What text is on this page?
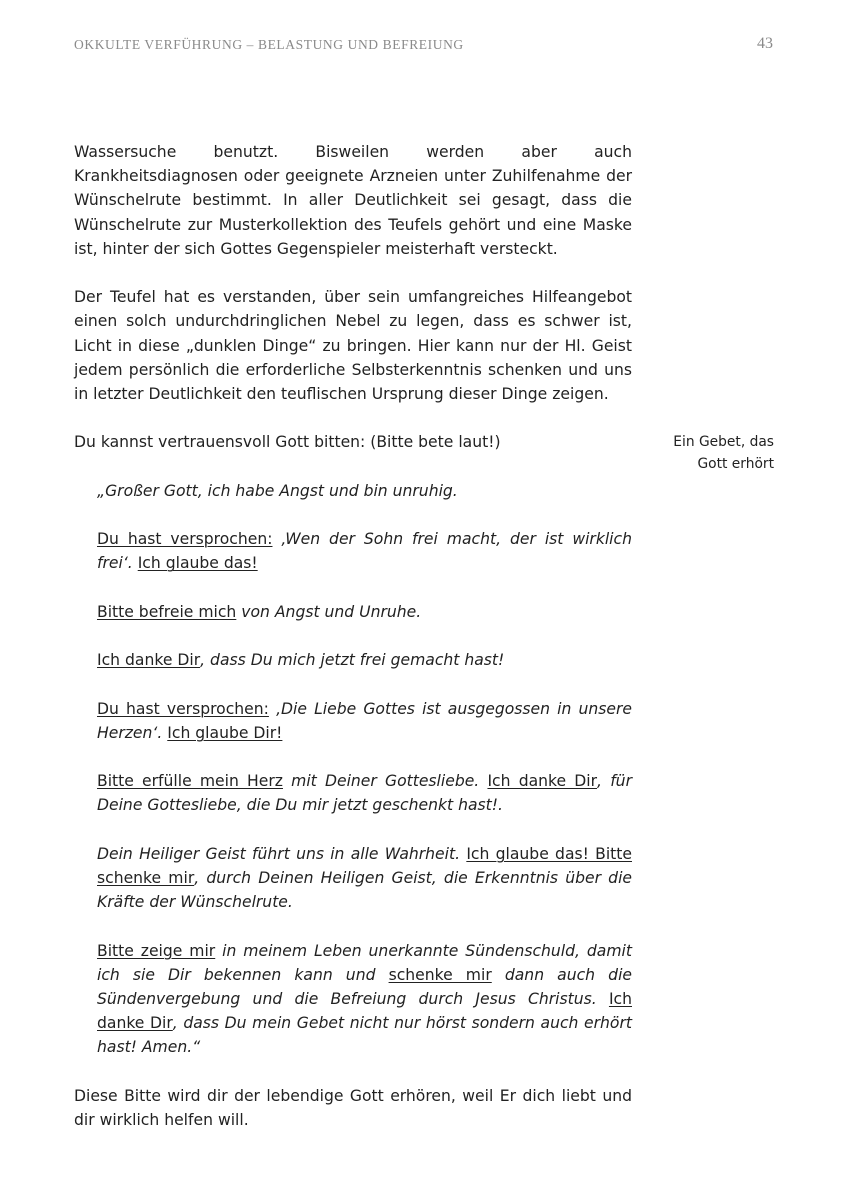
OKKULTE VERFÜHRUNG – BELASTUNG UND BEFREIUNG	43
Ein Gebet, das
Gott erhört

Wassersuche benutzt. Bisweilen werden aber auch Krankheitsdiagnosen oder geeignete Arzneien unter Zuhilfenahme der Wünschelrute bestimmt. In aller Deutlichkeit sei gesagt, dass die Wünschelrute zur Musterkollektion des Teufels gehört und eine Maske ist, hinter der sich Gottes Gegenspieler meisterhaft versteckt.

Der Teufel hat es verstanden, über sein umfangreiches Hilfeangebot einen solch undurchdringlichen Nebel zu legen, dass es schwer ist, Licht in diese „dunklen Dinge“ zu bringen. Hier kann nur der Hl. Geist jedem persönlich die erforderliche Selbsterkenntnis schenken und uns in letzter Deutlichkeit den teuflischen Ursprung dieser Dinge zeigen.

Du kannst vertrauensvoll Gott bitten: (Bitte bete laut!)

„Großer Gott, ich habe Angst und bin unruhig.

Du hast versprochen: ‚Wen der Sohn frei macht, der ist wirklich frei‘. Ich glaube das!

Bitte befreie mich von Angst und Unruhe.

Ich danke Dir, dass Du mich jetzt frei gemacht hast!

Du hast versprochen: ‚Die Liebe Gottes ist ausgegossen in unsere Herzen‘. Ich glaube Dir!

Bitte erfülle mein Herz mit Deiner Gottesliebe. Ich danke Dir, für Deine Gottesliebe, die Du mir jetzt geschenkt hast!.

Dein Heiliger Geist führt uns in alle Wahrheit. Ich glaube das! Bitte schenke mir, durch Deinen Heiligen Geist, die Erkenntnis über die Kräfte der Wünschelrute.

Bitte zeige mir in meinem Leben unerkannte Sündenschuld, damit ich sie Dir bekennen kann und schenke mir dann auch die Sündenvergebung und die Befreiung durch Jesus Christus. Ich danke Dir, dass Du mein Gebet nicht nur hörst sondern auch erhört hast! Amen.“

Diese Bitte wird dir der lebendige Gott erhören, weil Er dich liebt und dir wirklich helfen will.
